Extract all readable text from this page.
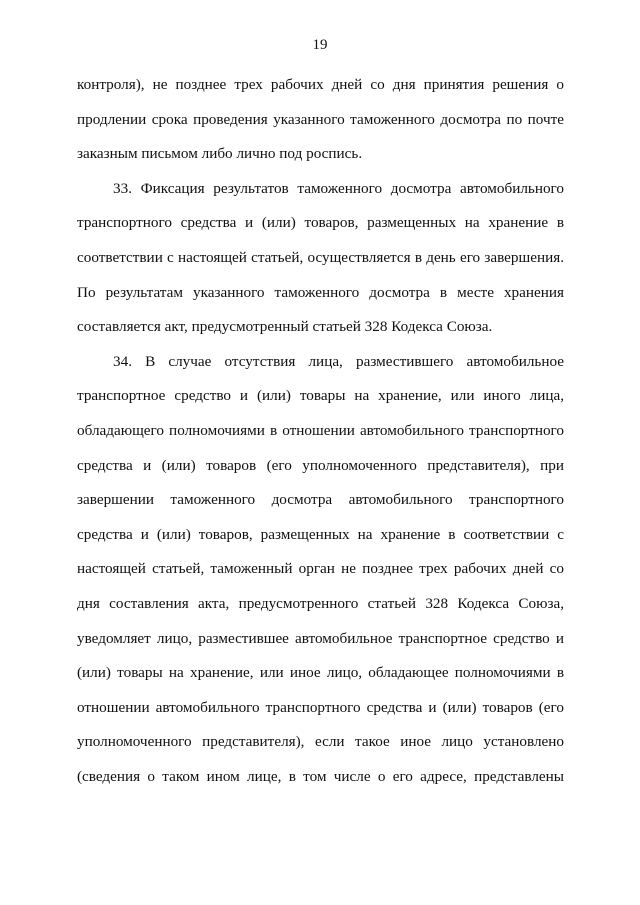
19
контроля), не позднее трех рабочих дней со дня принятия решения о
продлении срока проведения указанного таможенного досмотра по почте
заказным письмом либо лично под роспись.
33. Фиксация результатов таможенного досмотра автомобильного
транспортного средства и (или) товаров, размещенных на хранение в
соответствии с настоящей статьей, осуществляется в день его завершения.
По результатам указанного таможенного досмотра в месте хранения
составляется акт, предусмотренный статьей 328 Кодекса Союза.
34. В случае отсутствия лица, разместившего автомобильное
транспортное средство и (или) товары на хранение, или иного лица,
обладающего полномочиями в отношении автомобильного транспортного
средства и (или) товаров (его уполномоченного представителя), при
завершении таможенного досмотра автомобильного транспортного
средства и (или) товаров, размещенных на хранение в соответствии с
настоящей статьей, таможенный орган не позднее трех рабочих дней со
дня составления акта, предусмотренного статьей 328 Кодекса Союза,
уведомляет лицо, разместившее автомобильное транспортное средство и
(или) товары на хранение, или иное лицо, обладающее полномочиями в
отношении автомобильного транспортного средства и (или) товаров (его
уполномоченного представителя), если такое иное лицо установлено
(сведения о таком ином лице, в том числе о его адресе, представлены
